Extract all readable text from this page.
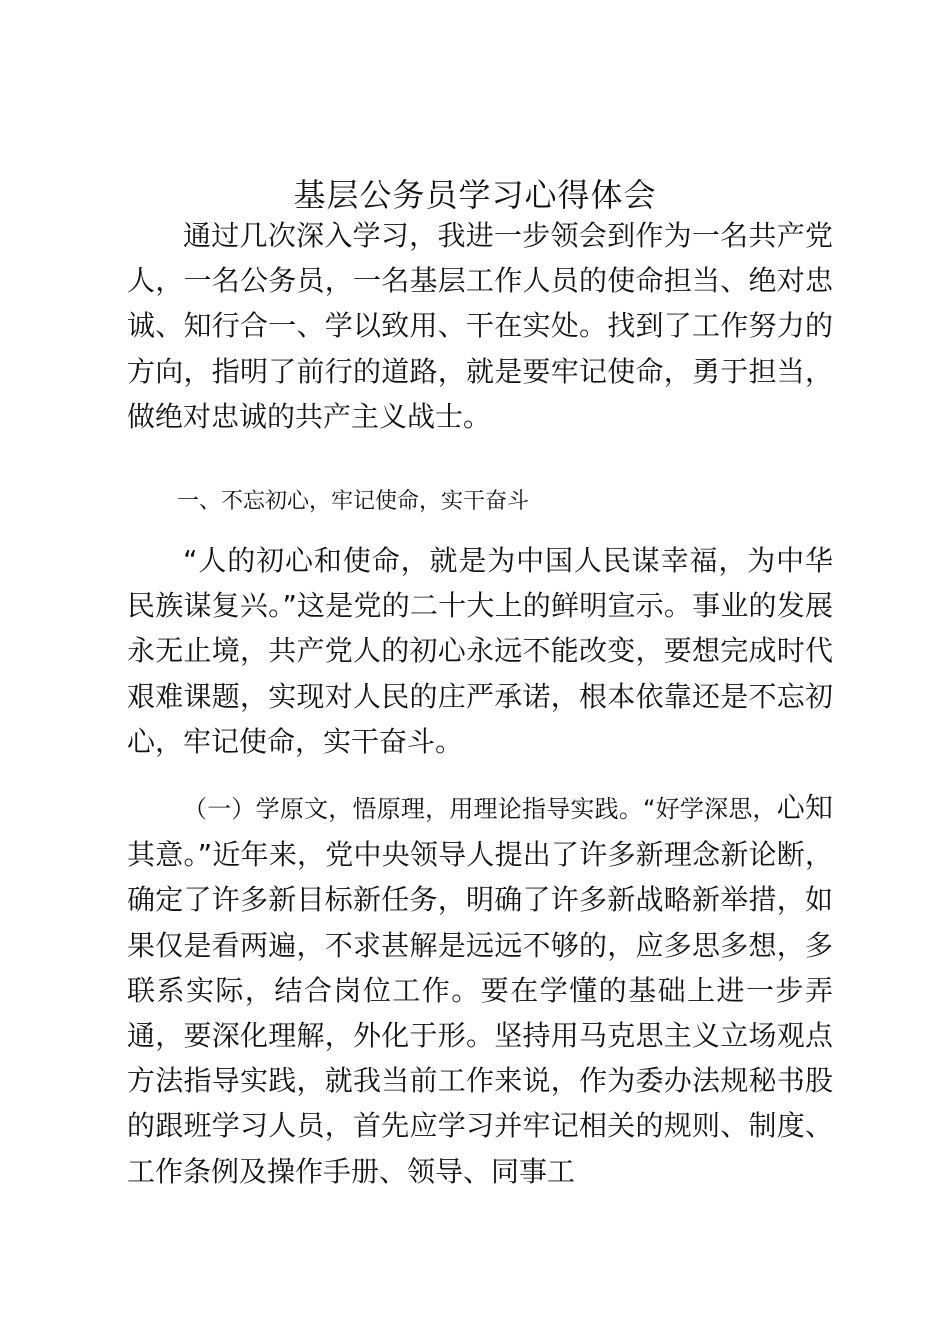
基层公务员学习心得体会

通过几次深入学习，我进一步领会到作为一名共产党人，一名公务员，一名基层工作人员的使命担当、绝对忠诚、知行合一、学以致用、干在实处。找到了工作努力的方向，指明了前行的道路，就是要牢记使命，勇于担当，做绝对忠诚的共产主义战士。

一、不忘初心，牢记使命，实干奋斗

“人的初心和使命，就是为中国人民谋幸福，为中华民族谋复兴。”这是党的二十大上的鲜明宣示。事业的发展永无止境，共产党人的初心永远不能改变，要想完成时代艰难课题，实现对人民的庄严承诺，根本依靠还是不忘初心，牢记使命，实干奋斗。

（一）学原文，悟原理，用理论指导实践。“好学深思，心知其意。”近年来，党中央领导人提出了许多新理念新论断，确定了许多新目标新任务，明确了许多新战略新举措，如果仅是看两遍，不求甚解是远远不够的，应多思多想，多联系实际，结合岗位工作。要在学懂的基础上进一步弄通，要深化理解，外化于形。坚持用马克思主义立场观点方法指导实践，就我当前工作来说，作为委办法规秘书股的跟班学习人员，首先应学习并牢记相关的规则、制度、工作条例及操作手册、领导、同事工
